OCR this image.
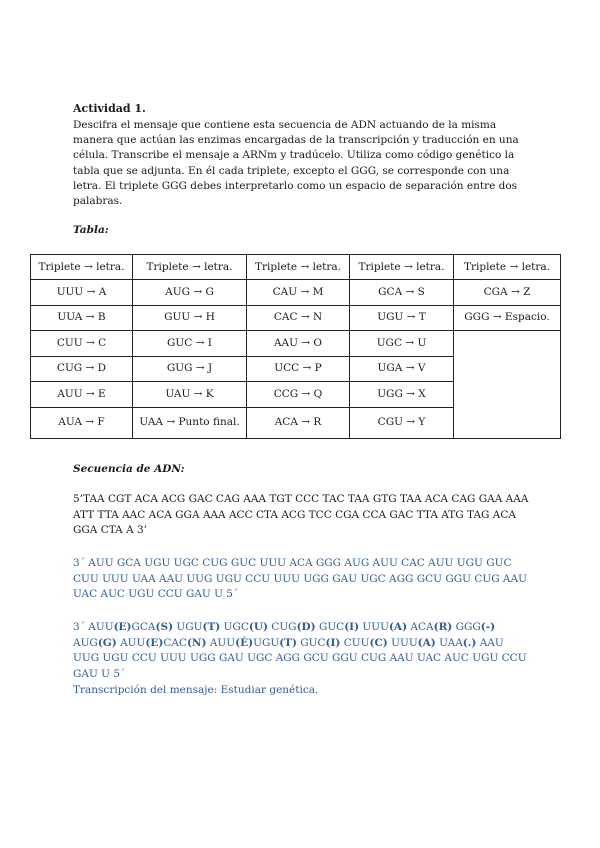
Actividad 1.
Descifra el mensaje que contiene esta secuencia de ADN actuando de la misma manera que actúan las enzimas encargadas de la transcripción y traducción en una célula. Transcribe el mensaje a ARNm y tradúcelo. Utiliza como código genético la tabla que se adjunta. En él cada triplete, excepto el GGG, se corresponde con una letra. El triplete GGG debes interpretarlo como un espacio de separación entre dos palabras.
Tabla:
Triplete → letra.	Triplete → letra.	Triplete → letra.	Triplete → letra.	Triplete → letra.
UUU → A	AUG → G	CAU → M	GCA → S	CGA → Z
UUA → B	GUU → H	CAC → N	UGU → T	GGG → Espacio.
CUU → C	GUC → I	AAU → O	UGC → U	
CUG → D	GUG → J	UCC → P	UGA → V	
AUU → E	UAU → K	CCG → Q	UGG → X	
AUA → F	UAA → Punto final.	ACA → R	CGU → Y	
Secuencia de ADN:
5’TAA CGT ACA ACG GAC CAG AAA TGT CCC TAC TAA GTG TAA ACA CAG GAA AAA ATT TTA AAC ACA GGA AAA ACC CTA ACG TCC CGA CCA GAC TTA ATG TAG ACA GGA CTA A 3’
3´ AUU GCA UGU UGC CUG GUC UUU ACA GGG AUG AUU CAC AUU UGU GUC CUU UUU UAA AAU UUG UGU CCU UUU UGG GAU UGC AGG GCU GGU CUG AAU UAC AUC UGU CCU GAU U 5´
3´ AUU(E)GCA(S) UGU(T) UGC(U) CUG(D) GUC(I) UUU(A) ACA(R) GGG(-) AUG(G) AUU(E)CAC(N) AUU(É)UGU(T) GUC(I) CUU(C) UUU(A) UAA(.) AAU UUG UGU CCU UUU UGG GAU UGC AGG GCU GGU CUG AAU UAC AUC UGU CCU GAU U 5´
Transcripción del mensaje: Estudiar genética.
